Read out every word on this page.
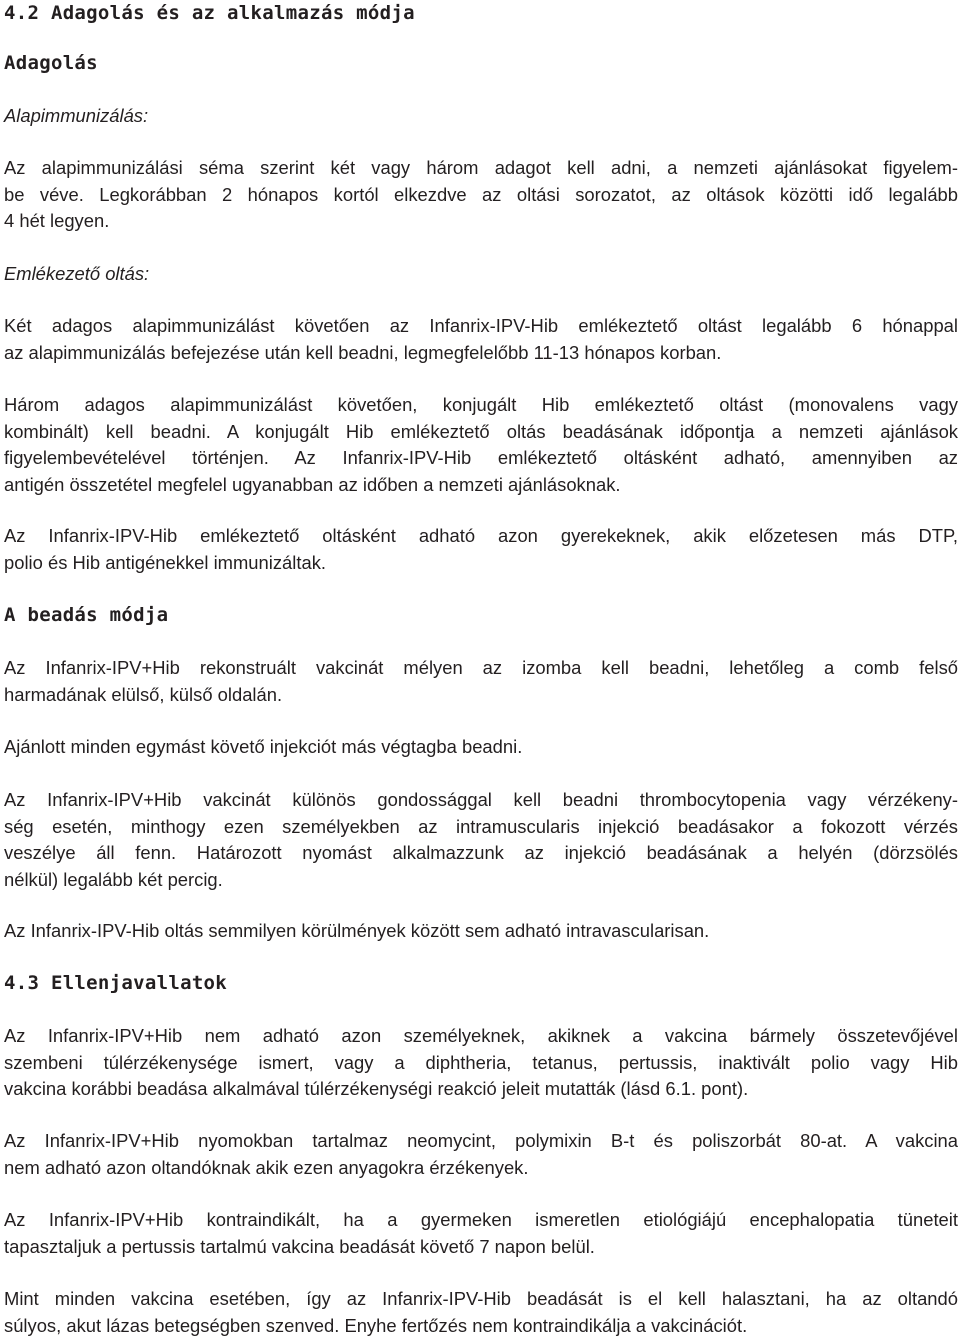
4.2 Adagolás és az alkalmazás módja
Adagolás

Alapimmunizálás:

Az alapimmunizálási séma szerint két vagy három adagot kell adni, a nemzeti ajánlásokat figyelem-
be véve. Legkorábban 2 hónapos kortól elkezdve az oltási sorozatot, az oltások közötti idő legalább
4 hét legyen.

Emlékezető oltás:

Két adagos alapimmunizálást követően az Infanrix-IPV-Hib emlékeztető oltást legalább 6 hónappal
az alapimmunizálás befejezése után kell beadni, legmegfelelőbb 11-13 hónapos korban.
Három adagos alapimmunizálást követően, konjugált Hib emlékeztető oltást (monovalens vagy
kombinált) kell beadni. A konjugált Hib emlékeztető oltás beadásának időpontja a nemzeti ajánlások
figyelembevételével történjen. Az Infanrix-IPV-Hib emlékeztető oltásként adható, amennyiben az
antigén összetétel megfelel ugyanabban az időben a nemzeti ajánlásoknak.
Az Infanrix-IPV-Hib emlékeztető oltásként adható azon gyerekeknek, akik előzetesen más DTP,
polio és Hib antigénekkel immunizáltak.
A beadás módja
Az Infanrix-IPV+Hib rekonstruált vakcinát mélyen az izomba kell beadni, lehetőleg a comb felső
harmadának elülső, külső oldalán.
Ajánlott minden egymást követő injekciót más végtagba beadni.
Az Infanrix-IPV+Hib vakcinát különös gondossággal kell beadni thrombocytopenia vagy vérzékeny-
ség esetén, minthogy ezen személyekben az intramuscularis injekció beadásakor a fokozott vérzés
veszélye áll fenn. Határozott nyomást alkalmazzunk az injekció beadásának a helyén (dörzsölés
nélkül) legalább két percig.
Az Infanrix-IPV-Hib oltás semmilyen körülmények között sem adható intravascularisan.
4.3 Ellenjavallatok
Az Infanrix-IPV+Hib nem adható azon személyeknek, akiknek a vakcina bármely összetevőjével
szembeni túlérzékenysége ismert, vagy a diphtheria, tetanus, pertussis, inaktivált polio vagy Hib
vakcina korábbi beadása alkalmával túlérzékenységi reakció jeleit mutatták (lásd 6.1. pont).
Az Infanrix-IPV+Hib nyomokban tartalmaz neomycint, polymixin B-t és poliszorbát 80-at. A vakcina
nem adható azon oltandóknak akik ezen anyagokra érzékenyek.
Az Infanrix-IPV+Hib kontraindikált, ha a gyermeken ismeretlen etiológiájú encephalopatia tüneteit
tapasztaljuk a pertussis tartalmú vakcina beadását követő 7 napon belül.
Mint minden vakcina esetében, így az Infanrix-IPV-Hib beadását is el kell halasztani, ha az oltandó
súlyos, akut lázas betegségben szenved. Enyhe fertőzés nem kontraindikálja a vakcinációt.
